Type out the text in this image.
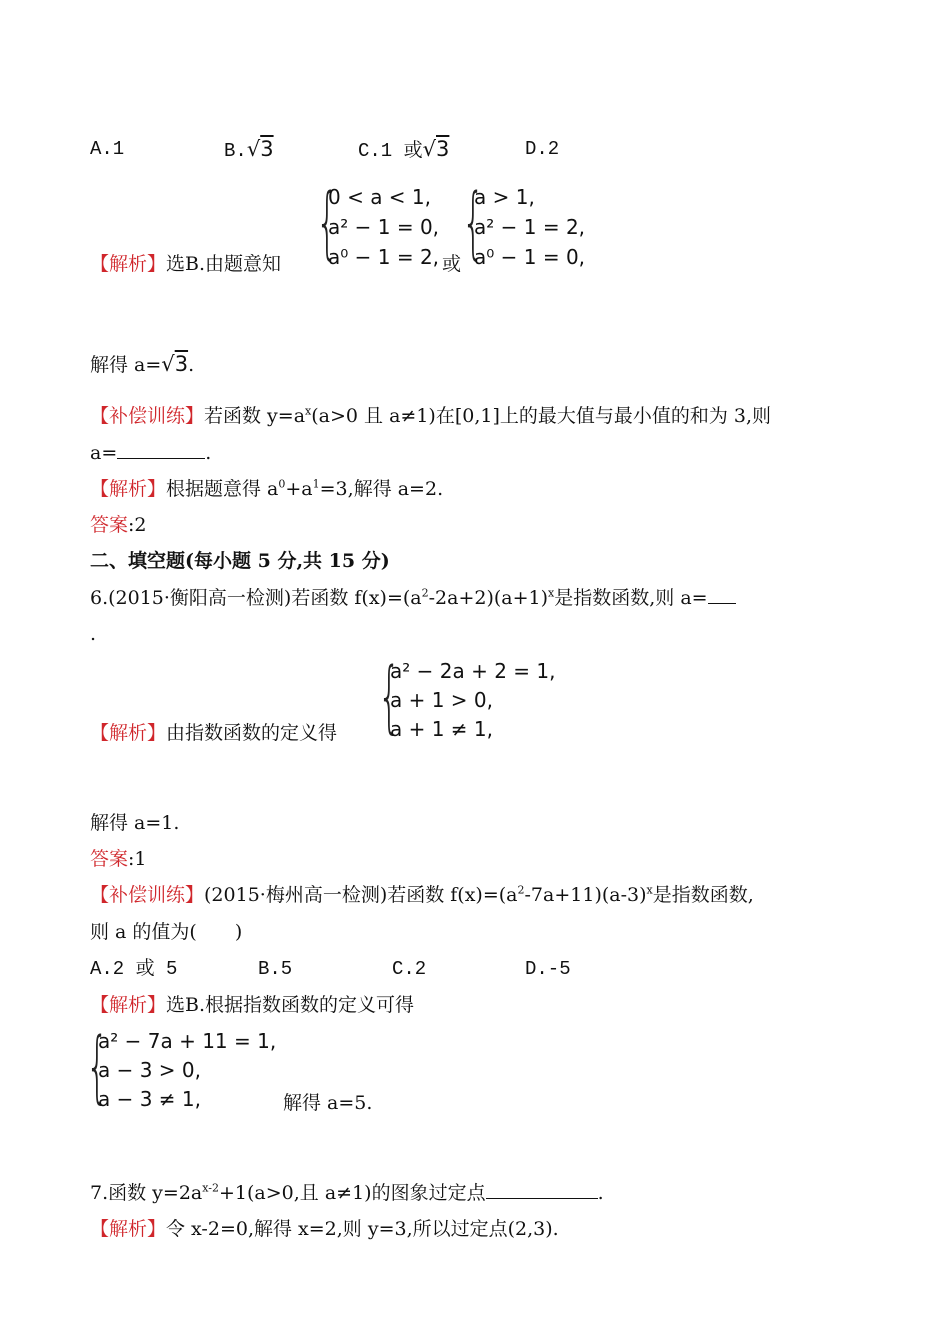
A.1	B.√3	C.1 或√3	D.2
【解析】选B.由题意知 {
0 < a < 1,
a² − 1 = 0,
a⁰ − 1 = 2, 或 {
a > 1,
a² − 1 = 2,
a⁰ − 1 = 0,
解得 a=√3.
【补偿训练】若函数 $y=a^x(a>0$ 且 a≠1)在[0,1]上的最大值与最小值的和为 3,则
a=	.
【解析】根据题意得 $a^0+a^1=3$,解得 a=2.
答案:2
二、填空题(每小题 5 分,共 15 分)
6.(2015·衡阳高一检测)若函数 $f(x)=(a^2-2a+2)(a+1)^x$是指数函数,则 a=
.
【解析】由指数函数的定义得 {
a² − 2a + 2 = 1,
a + 1 > 0,
a + 1 ≠ 1,
解得 a=1.
答案:1
【补偿训练】(2015·梅州高一检测)若函数 $f(x)=(a^2-7a+11)(a-3)^x$是指数函数,
则 a 的值为(　　)
A.2 或 5	B.5	C.2	D.-5
【解析】选B.根据指数函数的定义可得
{
a² − 7a + 11 = 1,
a − 3 > 0,
a − 3 ≠ 1,	解得 a=5.
7.函数 $y=2a^{x-2}+1(a>0$,且 a≠1)的图象过定点	.
【解析】令 x-2=0,解得 x=2,则 y=3,所以过定点(2,3).
